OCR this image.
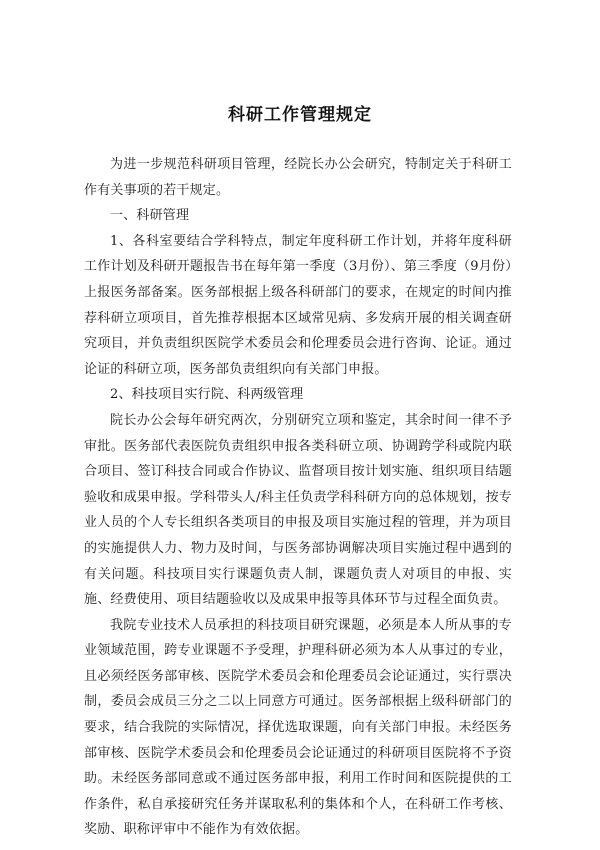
科研工作管理规定

为进一步规范科研项目管理，经院长办公会研究，特制定关于科研工作有关事项的若干规定。

一、科研管理

1、各科室要结合学科特点，制定年度科研工作计划，并将年度科研工作计划及科研开题报告书在每年第一季度（3月份）、第三季度（9月份）上报医务部备案。医务部根据上级各科研部门的要求，在规定的时间内推荐科研立项项目，首先推荐根据本区域常见病、多发病开展的相关调查研究项目，并负责组织医院学术委员会和伦理委员会进行咨询、论证。通过论证的科研立项，医务部负责组织向有关部门申报。

2、科技项目实行院、科两级管理

院长办公会每年研究两次，分别研究立项和鉴定，其余时间一律不予审批。医务部代表医院负责组织申报各类科研立项、协调跨学科或院内联合项目、签订科技合同或合作协议、监督项目按计划实施、组织项目结题验收和成果申报。学科带头人/科主任负责学科科研方向的总体规划，按专业人员的个人专长组织各类项目的申报及项目实施过程的管理，并为项目的实施提供人力、物力及时间，与医务部协调解决项目实施过程中遇到的有关问题。科技项目实行课题负责人制，课题负责人对项目的申报、实施、经费使用、项目结题验收以及成果申报等具体环节与过程全面负责。

我院专业技术人员承担的科技项目研究课题，必须是本人所从事的专业领域范围，跨专业课题不予受理，护理科研必须为本人从事过的专业，且必须经医务部审核、医院学术委员会和伦理委员会论证通过，实行票决制，委员会成员三分之二以上同意方可通过。医务部根据上级科研部门的要求，结合我院的实际情况，择优选取课题，向有关部门申报。未经医务部审核、医院学术委员会和伦理委员会论证通过的科研项目医院将不予资助。未经医务部同意或不通过医务部申报，利用工作时间和医院提供的工作条件，私自承接研究任务并谋取私利的集体和个人，在科研工作考核、奖励、职称评审中不能作为有效依据。
